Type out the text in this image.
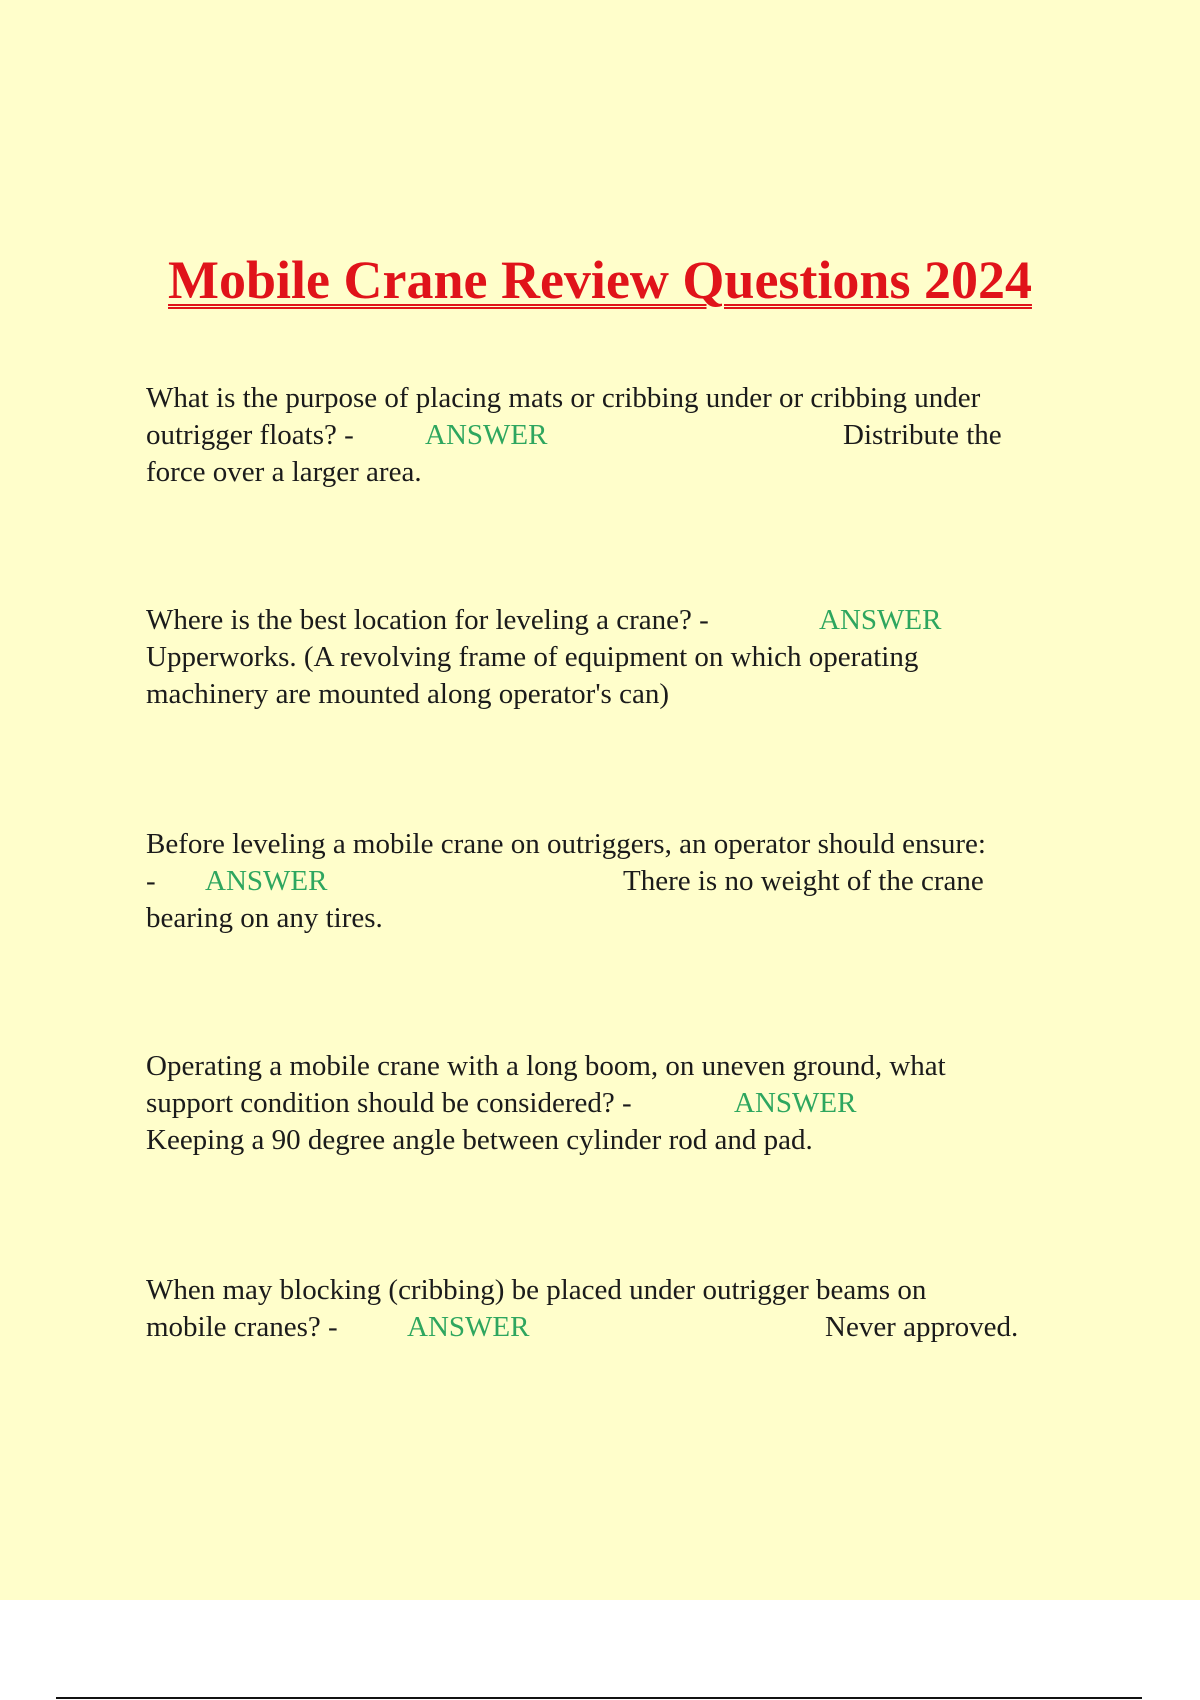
Mobile Crane Review Questions 2024
What is the purpose of placing mats or cribbing under or cribbing under
outrigger floats? - ANSWER	Distribute the
force over a larger area.
Where is the best location for leveling a crane? -	ANSWER
Upperworks. (A revolving frame of equipment on which operating
machinery are mounted along operator's can)
Before leveling a mobile crane on outriggers, an operator should ensure:
- ANSWER	There is no weight of the crane
bearing on any tires.
Operating a mobile crane with a long boom, on uneven ground, what
support condition should be considered? -	ANSWER
Keeping a 90 degree angle between cylinder rod and pad.
When may blocking (cribbing) be placed under outrigger beams on
mobile cranes? - ANSWER	Never approved.
